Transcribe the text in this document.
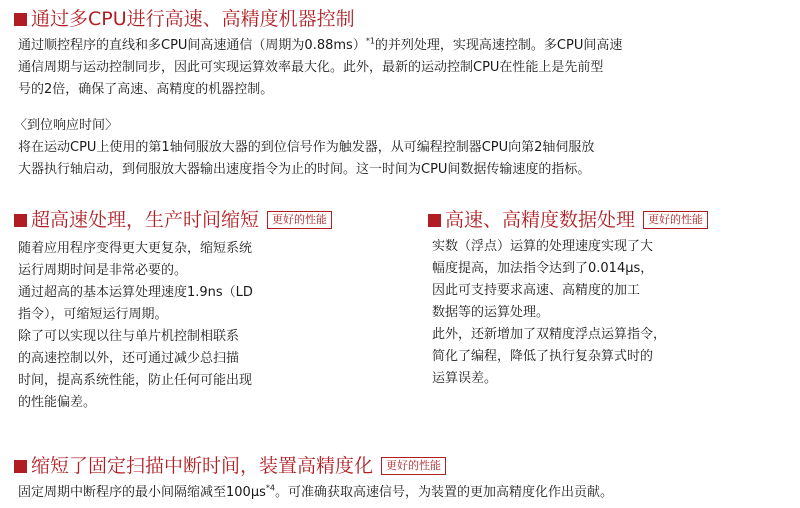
通过多CPU进行高速、高精度机器控制
通过顺控程序的直线和多CPU间高速通信（周期为0.88ms）$^{*1}$的并列处理，实现高速控制。多CPU间高速
通信周期与运动控制同步，因此可实现运算效率最大化。此外，最新的运动控制CPU在性能上是先前型
号的2倍，确保了高速、高精度的机器控制。
〈到位响应时间〉
将在运动CPU上使用的第1轴伺服放大器的到位信号作为触发器，从可编程控制器CPU向第2轴伺服放
大器执行轴启动，到伺服放大器输出速度指令为止的时间。这一时间为CPU间数据传输速度的指标。
超高速处理，生产时间缩短 更好的性能
随着应用程序变得更大更复杂，缩短系统
运行周期时间是非常必要的。
通过超高的基本运算处理速度1.9ns（LD
指令），可缩短运行周期。
除了可以实现以往与单片机控制相联系
的高速控制以外，还可通过减少总扫描
时间，提高系统性能，防止任何可能出现
的性能偏差。
高速、高精度数据处理 更好的性能
实数（浮点）运算的处理速度实现了大
幅度提高，加法指令达到了0.014μs，
因此可支持要求高速、高精度的加工
数据等的运算处理。
此外，还新增加了双精度浮点运算指令，
简化了编程，降低了执行复杂算式时的
运算误差。
缩短了固定扫描中断时间，装置高精度化 更好的性能
固定周期中断程序的最小间隔缩减至$100\mu s^{*4}$。可准确获取高速信号，为装置的更加高精度化作出贡献。
